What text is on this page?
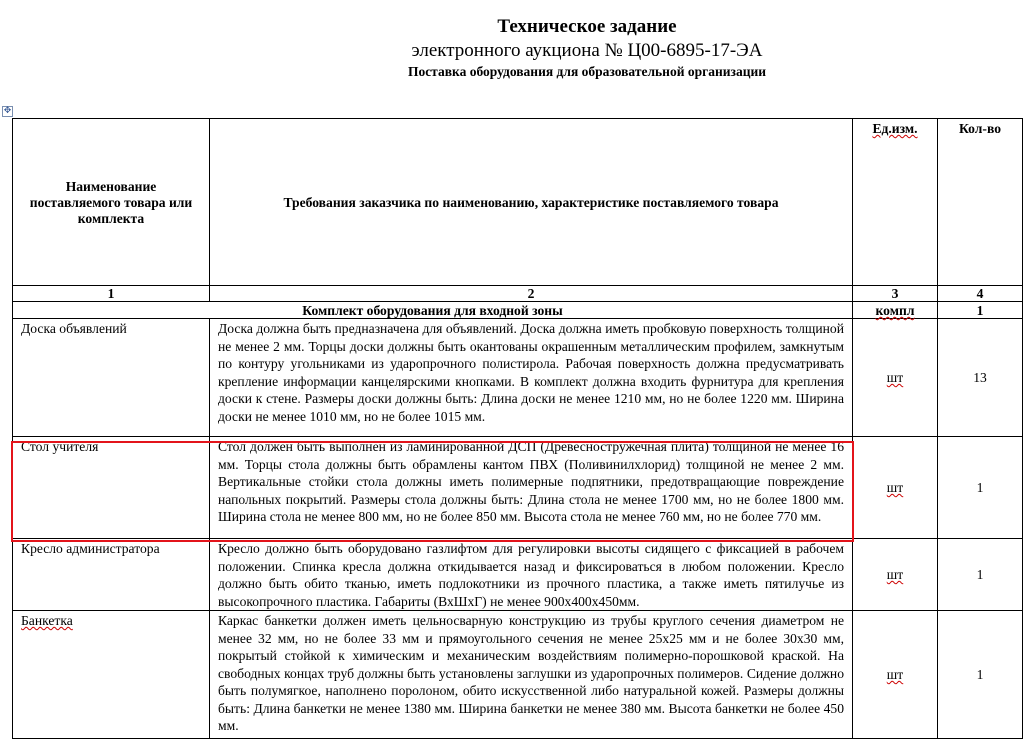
Техническое задание
электронного аукциона № Ц00-6895-17-ЭА
Поставка оборудования для образовательной организации
✥
Наименование поставляемого товара или комплекта	Требования заказчика по наименованию, характеристике поставляемого товара	Ед.изм.	Кол-во
1	2	3	4
Комплект оборудования для входной зоны		компл	1
Доска объявлений	Доска должна быть предназначена для объявлений. Доска должна иметь пробковую поверхность толщиной не менее 2 мм. Торцы доски должны быть окантованы окрашенным металлическим профилем, замкнутым по контуру угольниками из ударопрочного полистирола. Рабочая поверхность должна предусматривать крепление информации канцелярскими кнопками. В комплект должна входить фурнитура для крепления доски к стене. Размеры доски должны быть: Длина доски не менее 1210 мм, но не более 1220 мм. Ширина доски не менее 1010 мм, но не более 1015 мм.	шт	13
Стол учителя	Стол должен быть выполнен из ламинированной ДСП (Древесностружечная плита) толщиной не менее 16 мм. Торцы стола должны быть обрамлены кантом ПВХ (Поливинилхлорид) толщиной не менее 2 мм. Вертикальные стойки стола должны иметь полимерные подпятники, предотвращающие повреждение напольных покрытий. Размеры стола должны быть: Длина стола не менее 1700 мм, но не более 1800 мм. Ширина стола не менее 800 мм, но не более 850 мм. Высота стола не менее 760 мм, но не более 770 мм.	шт	1
Кресло администратора	Кресло должно быть оборудовано газлифтом для регулировки высоты сидящего с фиксацией в рабочем положении. Спинка кресла должна откидывается назад и фиксироваться в любом положении. Кресло должно быть обито тканью, иметь подлокотники из прочного пластика, а также иметь пятилучье из высокопрочного пластика. Габариты (ВхШхГ) не менее 900х400х450мм.	шт	1
Банкетка	Каркас банкетки должен иметь цельносварную конструкцию из трубы круглого сечения диаметром не менее 32 мм, но не более 33 мм и прямоугольного сечения не менее 25х25 мм и не более 30х30 мм, покрытый стойкой к химическим и механическим воздействиям полимерно-порошковой краской. На свободных концах труб должны быть установлены заглушки из ударопрочных полимеров. Сидение должно быть полумягкое, наполнено поролоном, обито искусственной либо натуральной кожей. Размеры должны быть: Длина банкетки не менее 1380 мм. Ширина банкетки не менее 380 мм. Высота банкетки не более 450 мм.	шт	1
